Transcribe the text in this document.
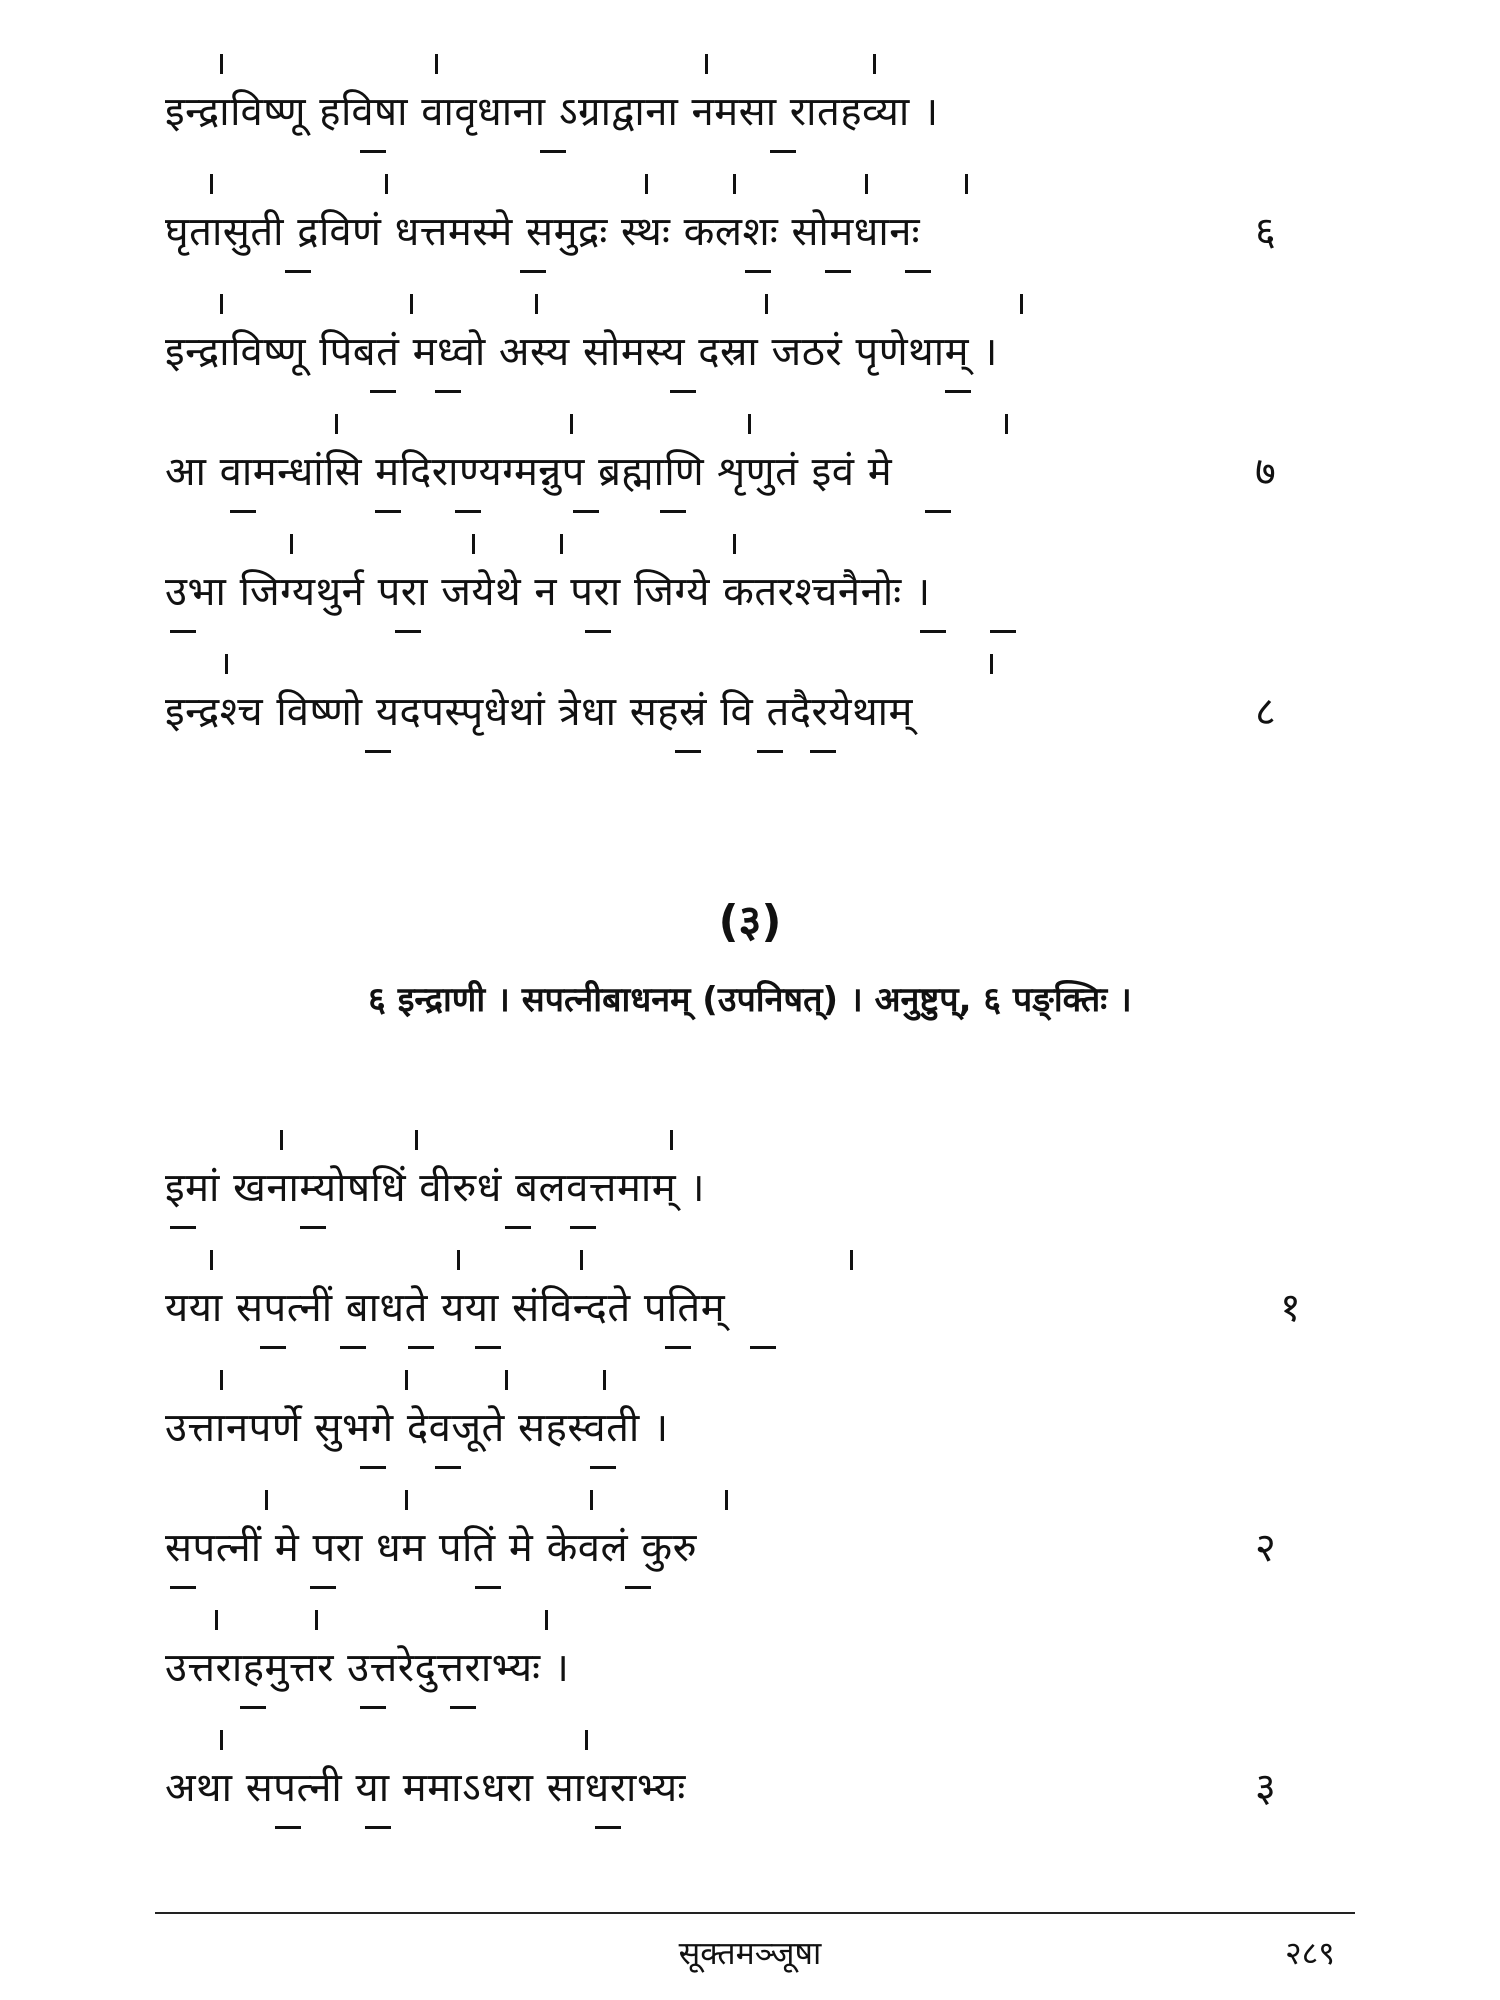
इन्द्राविष्णू हविषा वावृधाना ऽग्राद्वाना नमसा रातहव्या ।
घृतासुती द्रविणं धत्तमस्मे समुद्रः स्थः कलशः सोमधानः	६
इन्द्राविष्णू पिबतं मध्वो अस्य सोमस्य दस्रा जठरं पृणेथाम् ।
आ वामन्धांसि मदिराण्यग्मन्नुप ब्रह्माणि शृणुतं इवं मे	७
उभा जिग्यथुर्न परा जयेथे न परा जिग्ये कतरश्चनैनोः ।
इन्द्रश्च विष्णो यदपस्पृधेथां त्रेधा सहस्रं वि तदैरयेथाम्	८
(३)
६ इन्द्राणी । सपत्नीबाधनम् (उपनिषत्) । अनुष्टुप्, ६ पङ्क्तिः ।
इमां खनाम्योषधिं वीरुधं बलवत्तमाम् ।
यया सपत्नीं बाधते यया संविन्दते पतिम्	१
उत्तानपर्णे सुभगे देवजूते सहस्वती ।
सपत्नीं मे परा धम पतिं मे केवलं कुरु	२
उत्तराहमुत्तर उत्तरेदुत्तराभ्यः ।
अथा सपत्नी या ममाऽधरा साधराभ्यः	३
सूक्तमञ्जूषा	२८९
